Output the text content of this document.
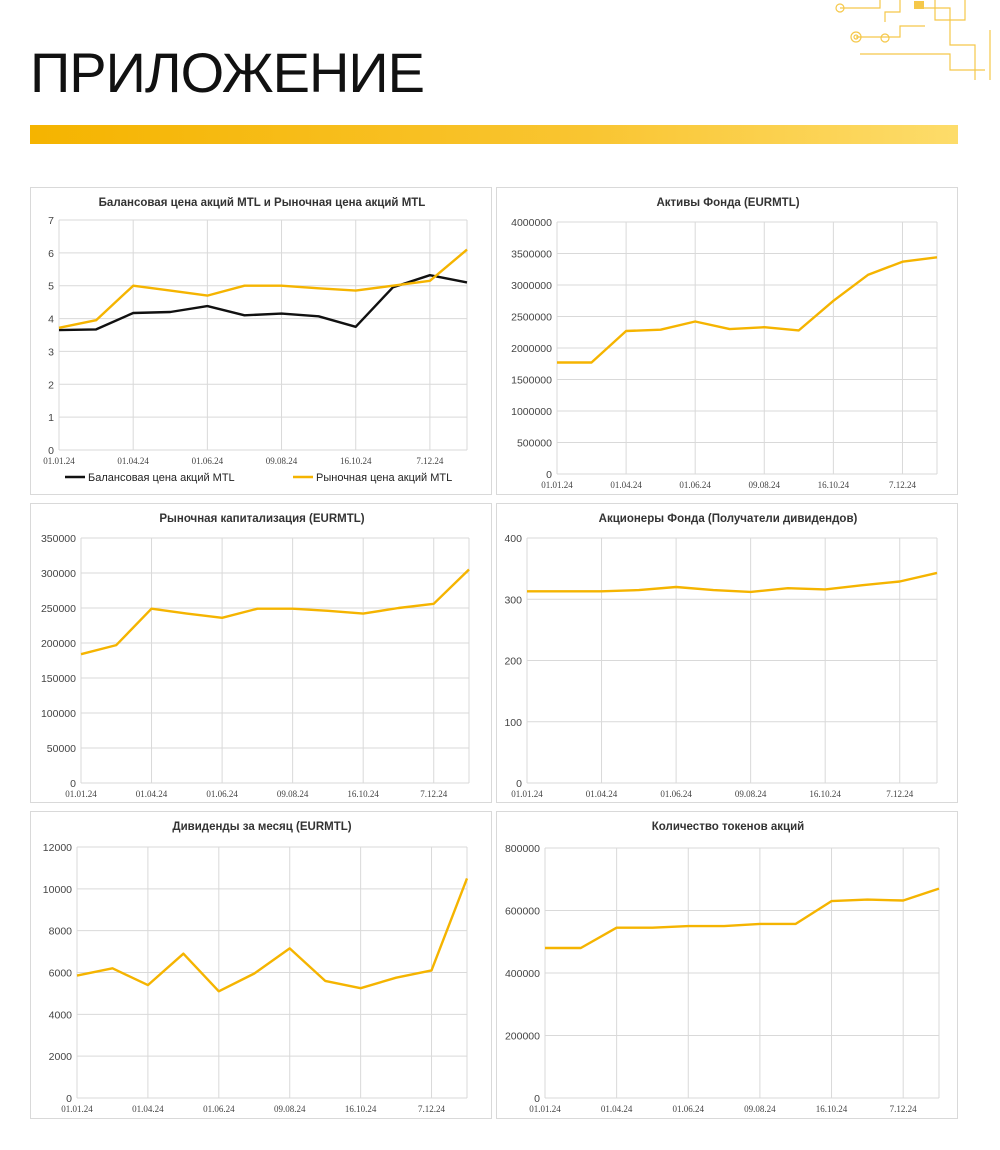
ПРИЛОЖЕНИЕ
Балансовая цена акций MTL и Рыночная цена акций MTL
0
1
2
3
4
5
6
7
01.01.24	01.04.24	01.06.24	09.08.24	16.10.24	7.12.24
Балансовая цена акций MTL	Рыночная цена акций MTL
Активы Фонда (EURMTL)
0
500000
1000000
1500000
2000000
2500000
3000000
3500000
4000000
01.01.24	01.04.24	01.06.24	09.08.24	16.10.24	7.12.24
Рыночная капитализация (EURMTL)
0
50000
100000
150000
200000
250000
300000
350000
01.01.24	01.04.24	01.06.24	09.08.24	16.10.24	7.12.24
Акционеры Фонда (Получатели дивидендов)
0
100
200
300
400
01.01.24	01.04.24	01.06.24	09.08.24	16.10.24	7.12.24
Дивиденды за месяц (EURMTL)
0
2000
4000
6000
8000
10000
12000
01.01.24	01.04.24	01.06.24	09.08.24	16.10.24	7.12.24
Количество токенов акций
0
200000
400000
600000
800000
01.01.24	01.04.24	01.06.24	09.08.24	16.10.24	7.12.24
